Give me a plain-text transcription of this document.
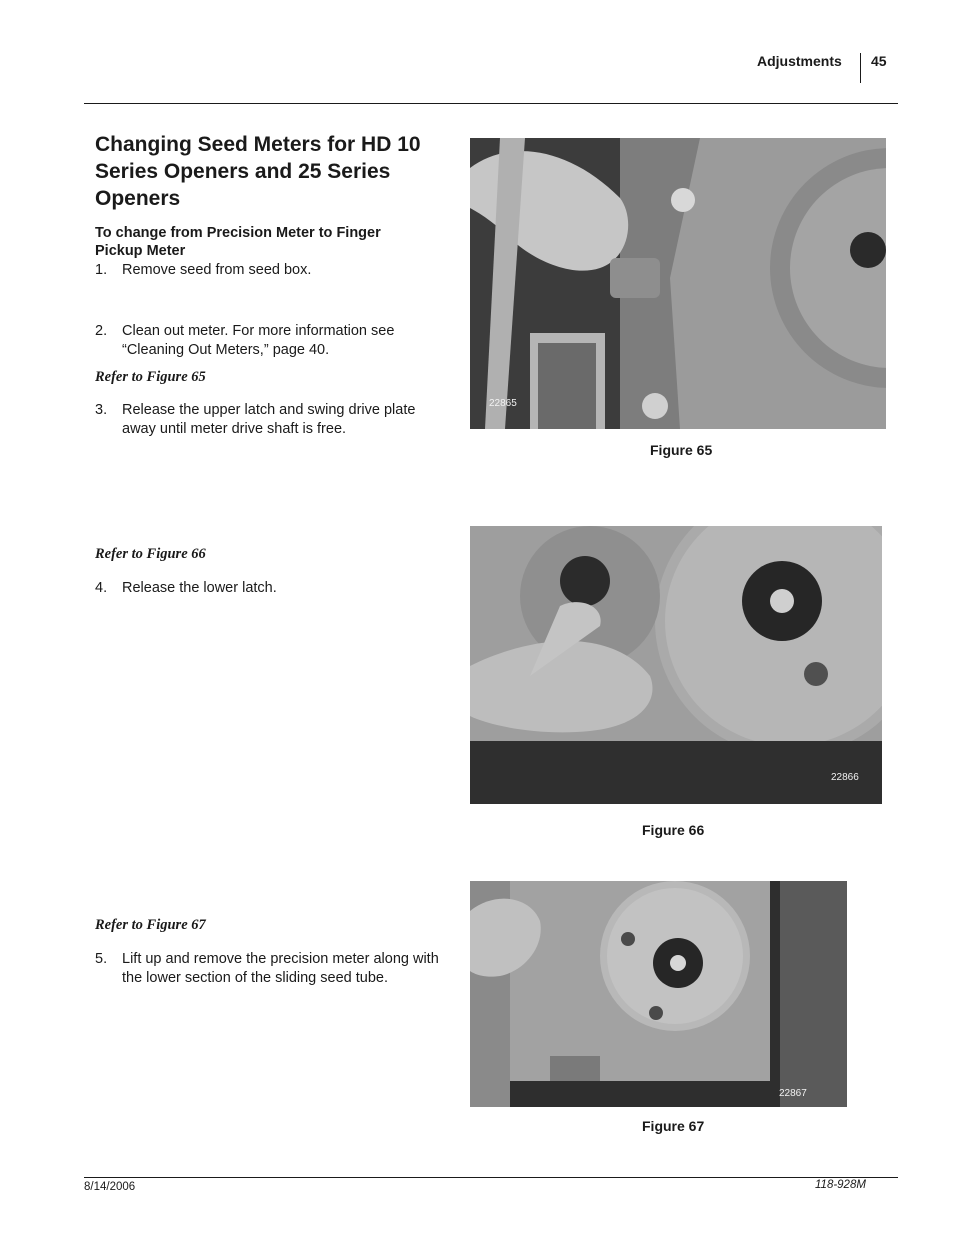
Adjustments 45
Changing Seed Meters for HD 10 Series Openers and 25 Series Openers
To change from Precision Meter to Finger Pickup Meter
1.	Remove seed from seed box.
2.	Clean out meter. For more information see “Cleaning Out Meters,” page 40.
Refer to Figure 65
3.	Release the upper latch and swing drive plate away until meter drive shaft is free.
Refer to Figure 66
4.	Release the lower latch.
Refer to Figure 67
5.	Lift up and remove the precision meter along with the lower section of the sliding seed tube.
22865
Figure 65
22866
Figure 66
22867
Figure 67
8/14/2006	118-928M
